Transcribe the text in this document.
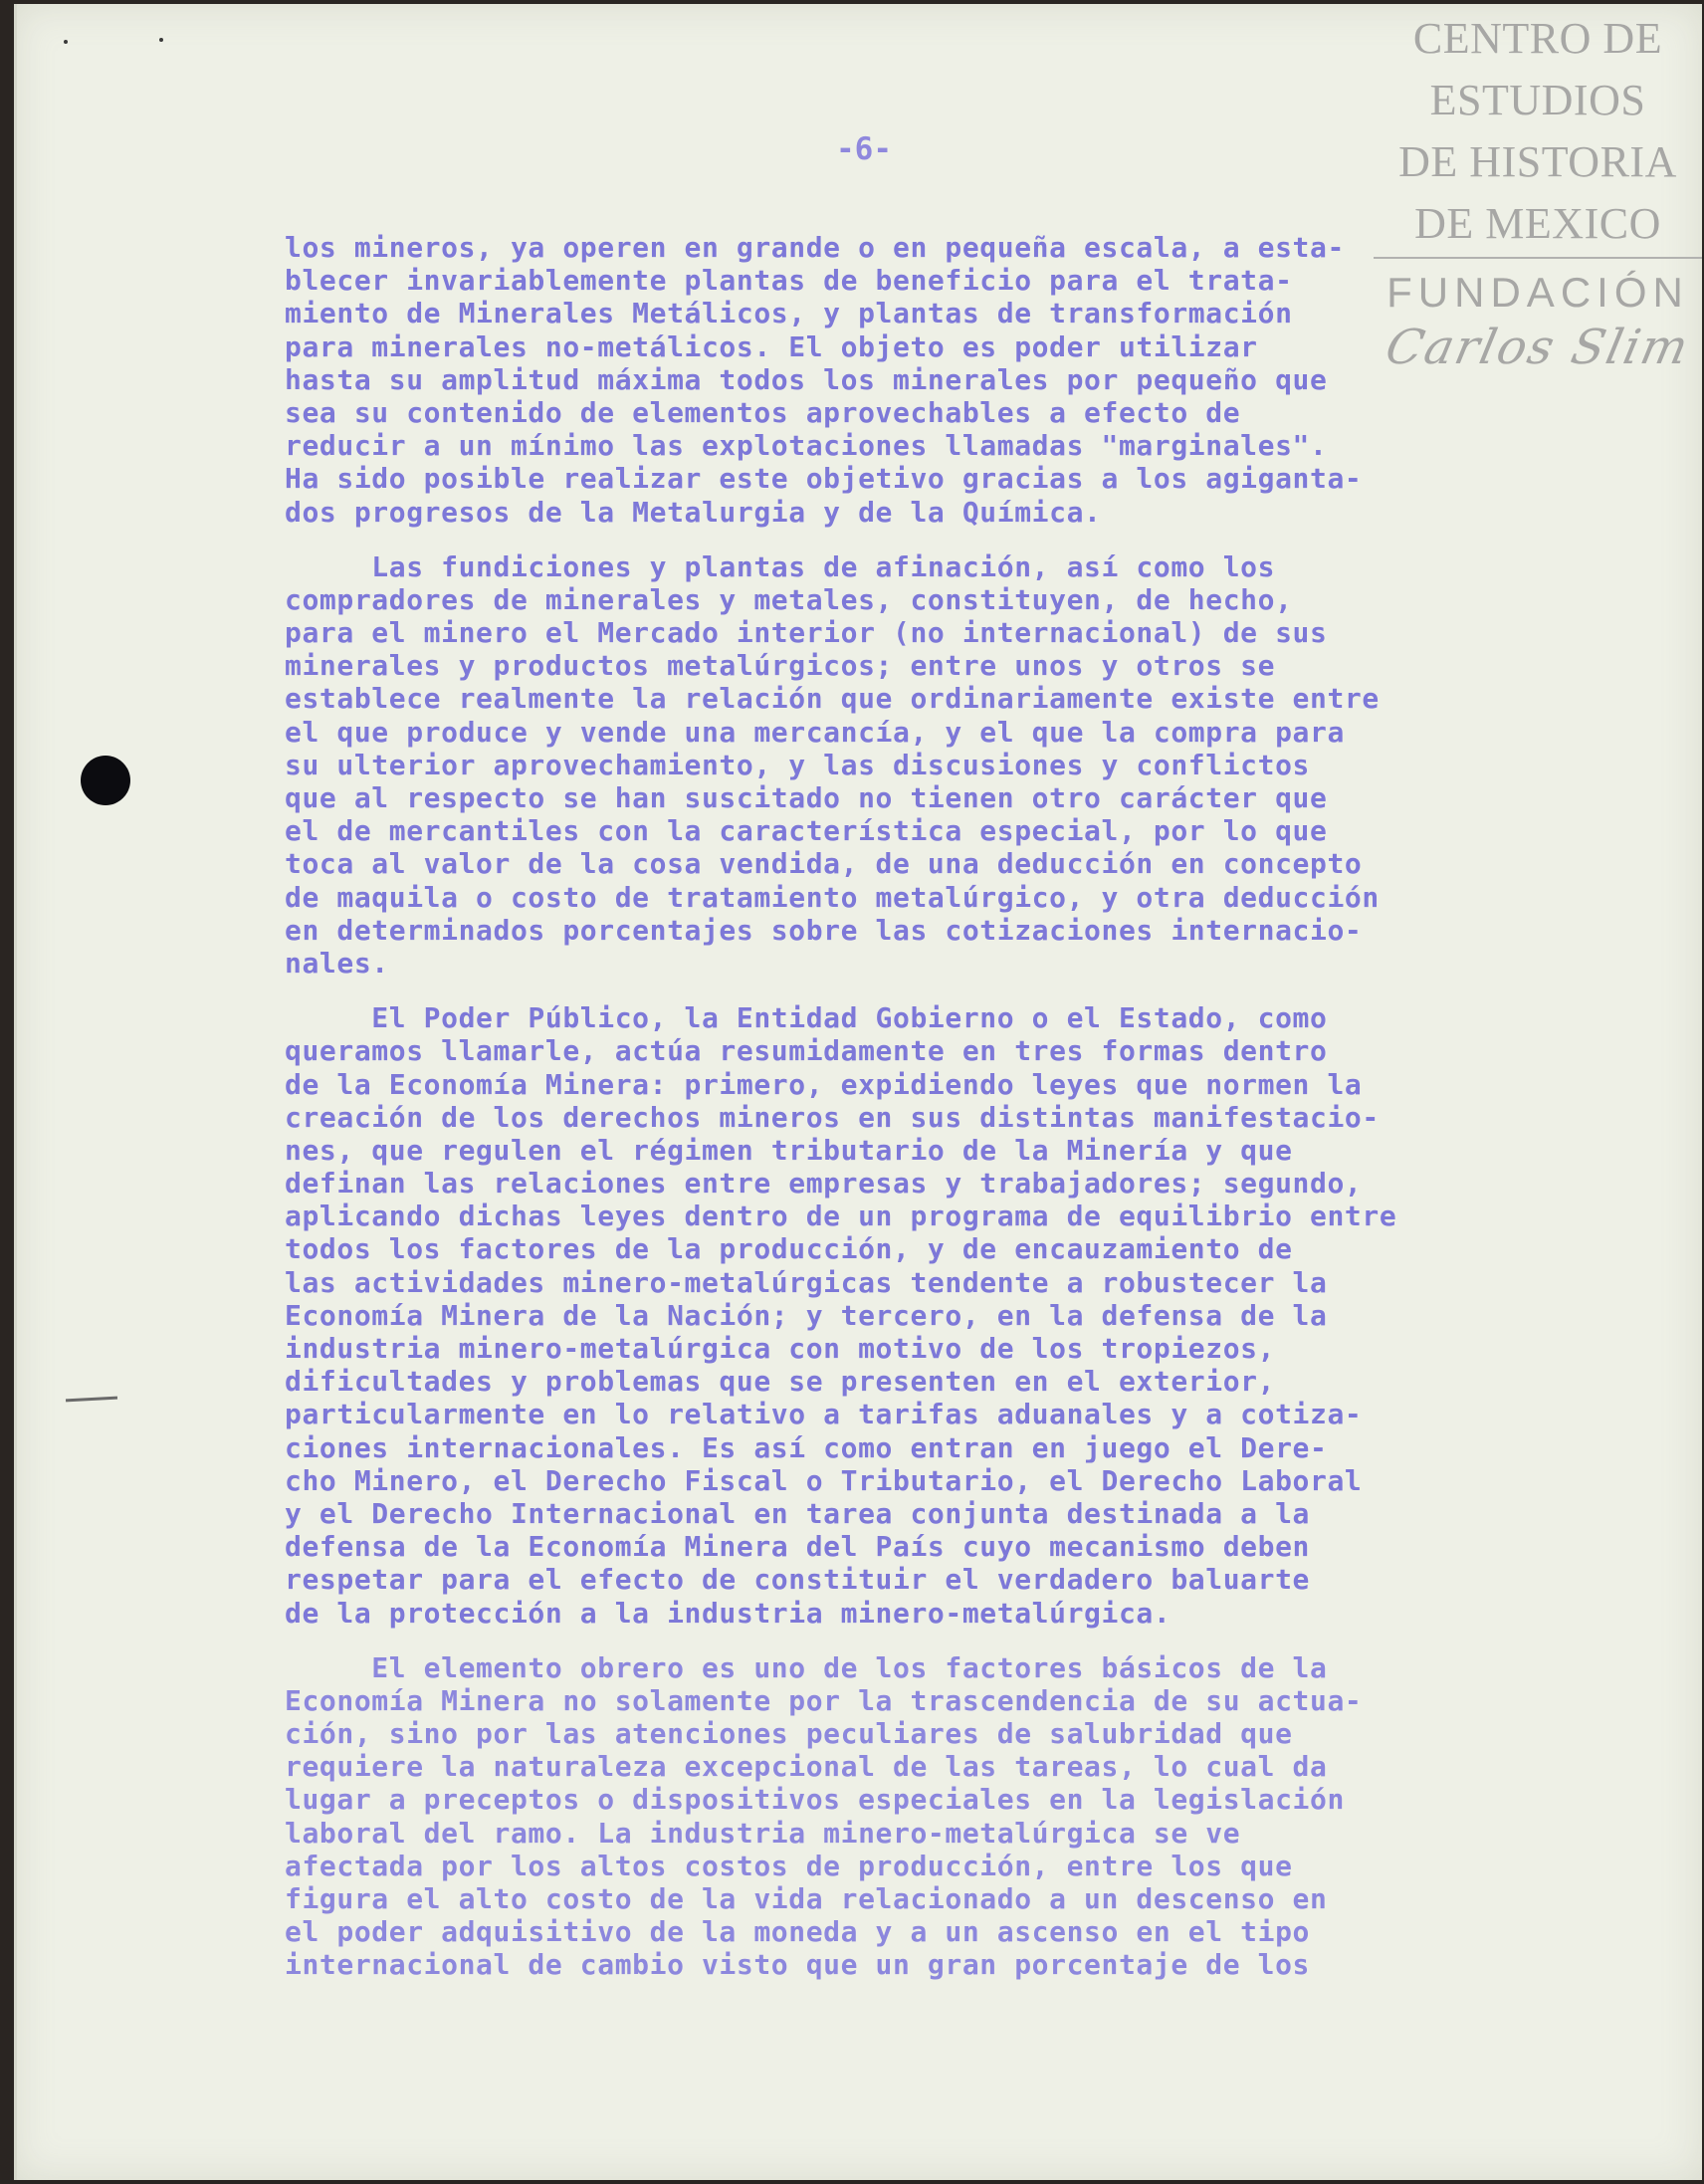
CENTRO DE
ESTUDIOS
DE HISTORIA
DE MEXICO
FUNDACIÓN
Carlos Slim
-6-
los mineros, ya operen en grande o en pequeña escala, a esta-
blecer invariablemente plantas de beneficio para el trata-
miento de Minerales Metálicos, y plantas de transformación
para minerales no-metálicos. El objeto es poder utilizar
hasta su amplitud máxima todos los minerales por pequeño que
sea su contenido de elementos aprovechables a efecto de
reducir a un mínimo las explotaciones llamadas "marginales".
Ha sido posible realizar este objetivo gracias a los agiganta-
dos progresos de la Metalurgia y de la Química.
Las fundiciones y plantas de afinación, así como los
compradores de minerales y metales, constituyen, de hecho,
para el minero el Mercado interior (no internacional) de sus
minerales y productos metalúrgicos; entre unos y otros se
establece realmente la relación que ordinariamente existe entre
el que produce y vende una mercancía, y el que la compra para
su ulterior aprovechamiento, y las discusiones y conflictos
que al respecto se han suscitado no tienen otro carácter que
el de mercantiles con la característica especial, por lo que
toca al valor de la cosa vendida, de una deducción en concepto
de maquila o costo de tratamiento metalúrgico, y otra deducción
en determinados porcentajes sobre las cotizaciones internacio-
nales.
El Poder Público, la Entidad Gobierno o el Estado, como
queramos llamarle, actúa resumidamente en tres formas dentro
de la Economía Minera: primero, expidiendo leyes que normen la
creación de los derechos mineros en sus distintas manifestacio-
nes, que regulen el régimen tributario de la Minería y que
definan las relaciones entre empresas y trabajadores; segundo,
aplicando dichas leyes dentro de un programa de equilibrio entre
todos los factores de la producción, y de encauzamiento de
las actividades minero-metalúrgicas tendente a robustecer la
Economía Minera de la Nación; y tercero, en la defensa de la
industria minero-metalúrgica con motivo de los tropiezos,
dificultades y problemas que se presenten en el exterior,
particularmente en lo relativo a tarifas aduanales y a cotiza-
ciones internacionales. Es así como entran en juego el Dere-
cho Minero, el Derecho Fiscal o Tributario, el Derecho Laboral
y el Derecho Internacional en tarea conjunta destinada a la
defensa de la Economía Minera del País cuyo mecanismo deben
respetar para el efecto de constituir el verdadero baluarte
de la protección a la industria minero-metalúrgica.
El elemento obrero es uno de los factores básicos de la
Economía Minera no solamente por la trascendencia de su actua-
ción, sino por las atenciones peculiares de salubridad que
requiere la naturaleza excepcional de las tareas, lo cual da
lugar a preceptos o dispositivos especiales en la legislación
laboral del ramo. La industria minero-metalúrgica se ve
afectada por los altos costos de producción, entre los que
figura el alto costo de la vida relacionado a un descenso en
el poder adquisitivo de la moneda y a un ascenso en el tipo
internacional de cambio visto que un gran porcentaje de los
